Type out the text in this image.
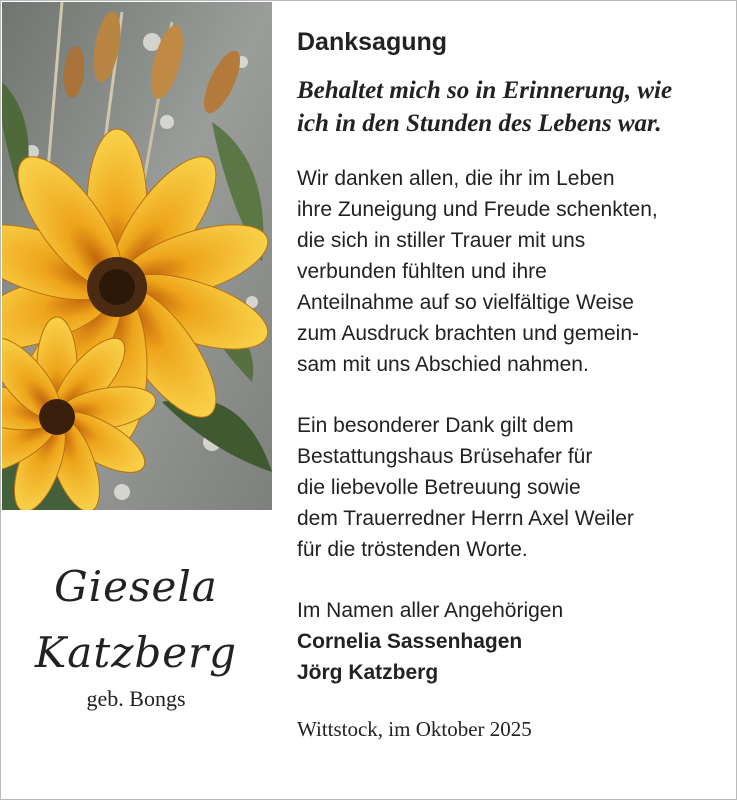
Giesela
Katzberg
geb. Bongs
Danksagung
Behaltet mich so in Erinnerung, wie
ich in den Stunden des Lebens war.
Wir danken allen, die ihr im Leben
ihre Zuneigung und Freude schenkten,
die sich in stiller Trauer mit uns
verbunden fühlten und ihre
Anteilnahme auf so vielfältige Weise
zum Ausdruck brachten und gemein-
sam mit uns Abschied nahmen.
Ein besonderer Dank gilt dem
Bestattungshaus Brüsehafer für
die liebevolle Betreuung sowie
dem Trauerredner Herrn Axel Weiler
für die tröstenden Worte.
Im Namen aller Angehörigen
Cornelia Sassenhagen
Jörg Katzberg
Wittstock, im Oktober 2025
